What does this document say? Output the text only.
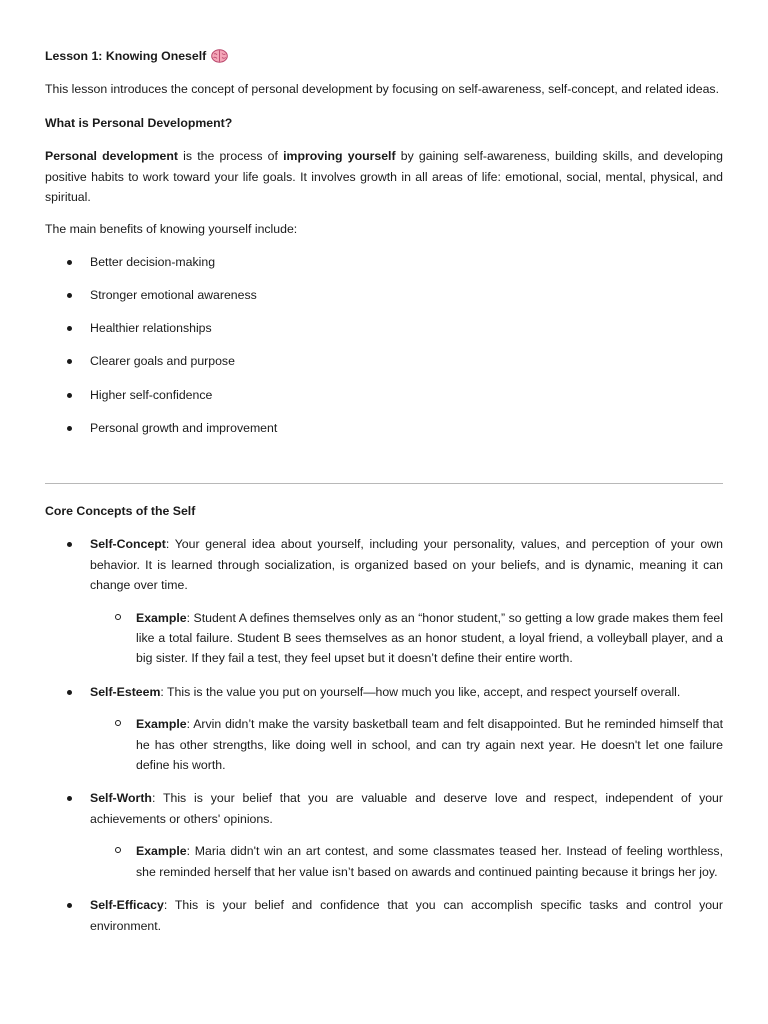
Lesson 1: Knowing Oneself

This lesson introduces the concept of personal development by focusing on self-awareness, self-concept, and related ideas.

What is Personal Development?

Personal development is the process of improving yourself by gaining self-awareness, building skills, and developing positive habits to work toward your life goals. It involves growth in all areas of life: emotional, social, mental, physical, and spiritual.

The main benefits of knowing yourself include:

Better decision-making
Stronger emotional awareness
Healthier relationships
Clearer goals and purpose
Higher self-confidence
Personal growth and improvement

Core Concepts of the Self

Self-Concept: Your general idea about yourself, including your personality, values, and perception of your own behavior. It is learned through socialization, is organized based on your beliefs, and is dynamic, meaning it can change over time.
Example: Student A defines themselves only as an “honor student,” so getting a low grade makes them feel like a total failure. Student B sees themselves as an honor student, a loyal friend, a volleyball player, and a big sister. If they fail a test, they feel upset but it doesn’t define their entire worth.
Self-Esteem: This is the value you put on yourself—how much you like, accept, and respect yourself overall.
Example: Arvin didn’t make the varsity basketball team and felt disappointed. But he reminded himself that he has other strengths, like doing well in school, and can try again next year. He doesn't let one failure define his worth.
Self-Worth: This is your belief that you are valuable and deserve love and respect, independent of your achievements or others' opinions.
Example: Maria didn't win an art contest, and some classmates teased her. Instead of feeling worthless, she reminded herself that her value isn’t based on awards and continued painting because it brings her joy.
Self-Efficacy: This is your belief and confidence that you can accomplish specific tasks and control your environment.
